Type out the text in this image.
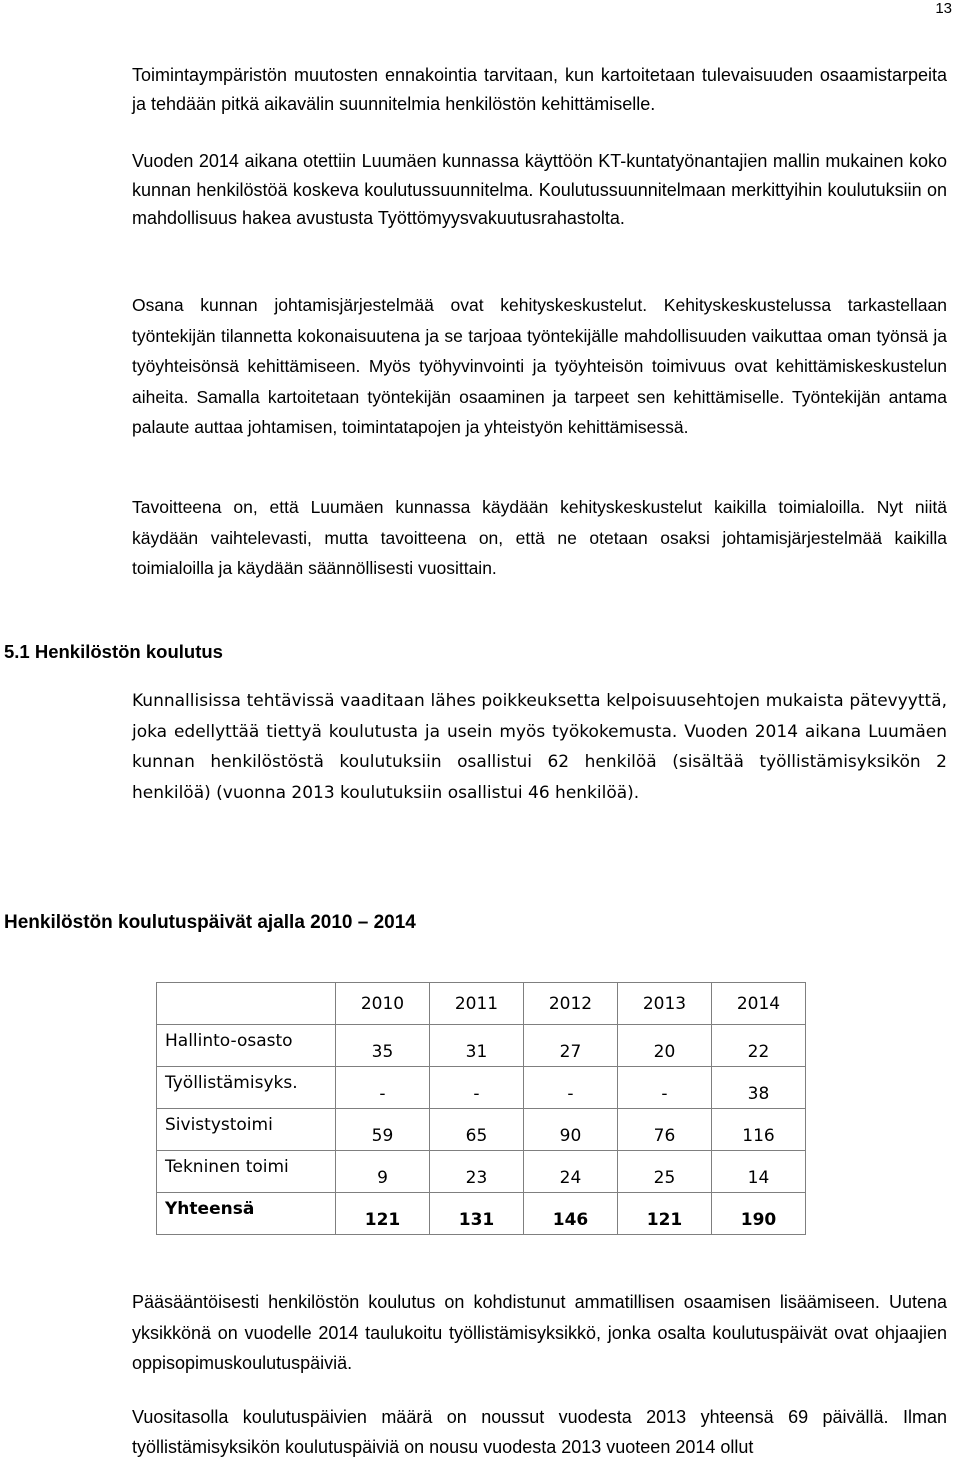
13

Toimintaympäristön muutosten ennakointia tarvitaan, kun kartoitetaan tulevaisuuden osaamistarpeita ja tehdään pitkä aikavälin suunnitelmia henkilöstön kehittämiselle.

Vuoden 2014 aikana otettiin Luumäen kunnassa käyttöön KT-kuntatyönantajien mallin mukainen koko kunnan henkilöstöä koskeva koulutussuunnitelma. Koulutussuunnitelmaan merkittyihin koulutuksiin on mahdollisuus hakea avustusta Työttömyysvakuutusrahastolta.

Osana kunnan johtamisjärjestelmää ovat kehityskeskustelut. Kehityskeskustelussa tarkastellaan työntekijän tilannetta kokonaisuutena ja se tarjoaa työntekijälle mahdollisuuden vaikuttaa oman työnsä ja työyhteisönsä kehittämiseen. Myös työhyvinvointi ja työyhteisön toimivuus ovat kehittämiskeskustelun aiheita. Samalla kartoitetaan työntekijän osaaminen ja tarpeet sen kehittämiselle. Työntekijän antama palaute auttaa johtamisen, toimintatapojen ja yhteistyön kehittämisessä.

Tavoitteena on, että Luumäen kunnassa käydään kehityskeskustelut kaikilla toimialoilla. Nyt niitä käydään vaihtelevasti, mutta tavoitteena on, että ne otetaan osaksi johtamisjärjestelmää kaikilla toimialoilla ja käydään säännöllisesti vuosittain.

5.1 Henkilöstön koulutus

Kunnallisissa tehtävissä vaaditaan lähes poikkeuksetta kelpoisuusehtojen mukaista pätevyyttä, joka edellyttää tiettyä koulutusta ja usein myös työkokemusta. Vuoden 2014 aikana Luumäen kunnan henkilöstöstä koulutuksiin osallistui 62 henkilöä (sisältää työllistämisyksikön 2 henkilöä) (vuonna 2013 koulutuksiin osallistui 46 henkilöä).

Henkilöstön koulutuspäivät ajalla 2010 – 2014
	2010	2011	2012	2013	2014
Hallinto-osasto	35	31	27	20	22
Työllistämisyks.	-	-	-	-	38
Sivistystoimi	59	65	90	76	116
Tekninen toimi	9	23	24	25	14
Yhteensä	121	131	146	121	190

Pääsääntöisesti henkilöstön koulutus on kohdistunut ammatillisen osaamisen lisäämiseen. Uutena yksikkönä on vuodelle 2014 taulukoitu työllistämisyksikkö, jonka osalta koulutuspäivät ovat ohjaajien oppisopimuskoulutuspäiviä.

Vuositasolla koulutuspäivien määrä on noussut vuodesta 2013 yhteensä 69 päivällä. Ilman työllistämisyksikön koulutuspäiviä on nousu vuodesta 2013 vuoteen 2014 ollut
